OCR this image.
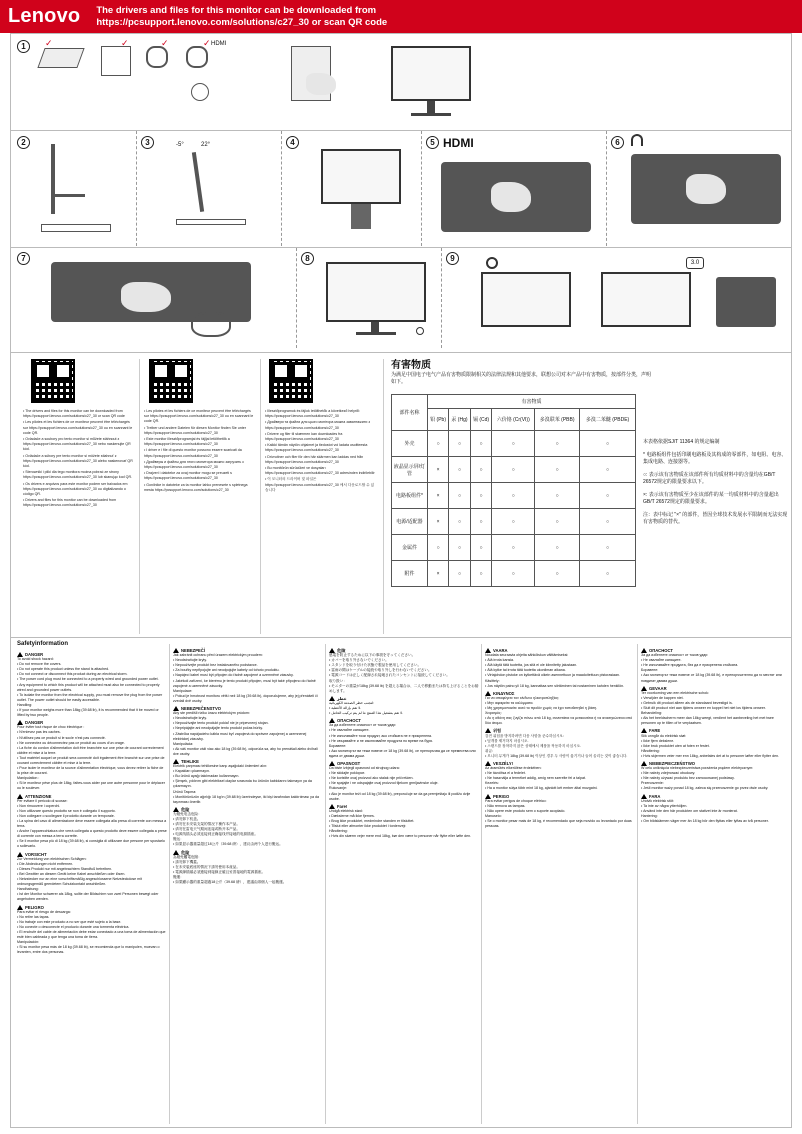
Lenovo The drivers and files for this monitor can be downloaded from
https://pcsupport.lenovo.com/solutions/c27_30 or scan QR code
1	✓	✓	✓	✓ HDMI
2	3	-5°	22°	4	5 HDMI	6
7	8	9	3.0

• The drivers and files for this monitor can be downloaded from https://pcsupport.lenovo.com/solutions/c27_30 or scan QR code

• Les pilotes et les fichiers de ce moniteur peuvent être téléchargés sur https://pcsupport.lenovo.com/solutions/c27_30 ou en scannant le code QR.

• Ovladače a soubory pro tento monitor si můžete stáhnout z https://pcsupport.lenovo.com/solutions/c27_30 nebo naskenujte QR kód.

• Ovládače a súbory pre tento monitor si môžete stiahnuť z https://pcsupport.lenovo.com/solutions/c27_30 alebo naskenovať QR kód.

• Sterowniki i pliki dla tego monitora można pobrać ze strony https://pcsupport.lenovo.com/solutions/c27_30 lub skanując kod QR.

• Os drivers e arquivos para este monitor podem ser baixados em https://pcsupport.lenovo.com/solutions/c27_30 ou digitalizando o código QR.

• Drivers and files for this monitor can be downloaded from https://pcsupport.lenovo.com/solutions/c27_30

• Les pilotes et les fichiers de ce moniteur peuvent être téléchargés sur https://pcsupport.lenovo.com/solutions/c27_30 ou en scannant le code QR.

• Treiber und andere Dateien für diesen Monitor finden Sie unter https://pcsupport.lenovo.com/solutions/c27_30

• Este monitor illesztőprogramjai és fájljai letölthetők a https://pcsupport.lenovo.com/solutions/c27_30

• I driver e i file di questo monitor possono essere scaricati da https://pcsupport.lenovo.com/solutions/c27_30

• Драйверы и файлы для этого монитора можно загрузить с https://pcsupport.lenovo.com/solutions/c27_30

• Drajveri i datoteke za ovaj monitor mogu se preuzeti s https://pcsupport.lenovo.com/solutions/c27_30

• Gonilnike in datoteke za ta monitor lahko prenesete s spletnega mesta https://pcsupport.lenovo.com/solutions/c27_30

• Illesztőprogramok és fájlok letölthetők a következő helyről: https://pcsupport.lenovo.com/solutions/c27_30

• Драйвери та файли для цього монітора можна завантажити з https://pcsupport.lenovo.com/solutions/c27_30

• Drivere og filer til skærmen kan downloades fra https://pcsupport.lenovo.com/solutions/c27_30

• Kaikki tämän näytön ohjaimet ja tiedostot voi ladata osoitteesta https://pcsupport.lenovo.com/solutions/c27_30

• Drivrutiner och filer för den här skärmen kan laddas ned från https://pcsupport.lenovo.com/solutions/c27_30

• Bu monitörün sürücüleri ve dosyaları https://pcsupport.lenovo.com/solutions/c27_30 adresinden indirilebilir

• 이 모니터의 드라이버 및 파일은 https://pcsupport.lenovo.com/solutions/c27_30 에서 다운로드할 수 있습니다

有害物质
为满足中国电子电气产品有害物质限制相关的法律法规和其他要求，联想公司对本产品中有害物质，按部件分类，声明如下。
部件名称	有害物质					
	铅 (Pb)	汞 (Hg)	镉 (Cd)	六价铬 (Cr(VI))	多溴联苯 (PBB)	多溴二苯醚 (PBDE)
外壳	○	○	○	○	○	○
液晶显示屏/灯管	×	○	○	○	○	○
电路板组件*	×	○	○	○	○	○
电源/适配器	×	○	○	○	○	○
金属件	○	○	○	○	○	○
附件	×	○	○	○	○	○

本表格依据SJ/T 11364 的规定编制

* 电路板组件包括印刷电路板及其构成的零部件，如电阻、电容、集成电路、连接器等。

○: 表示该有害物质在该部件所有均质材料中的含量均在GB/T 26572规定的限量要求以下。

×: 表示该有害物质至少在该部件的某一均质材料中的含量超出GB/T 26572规定的限量要求。

注：表中标记 "×" 的部件，皆因全球技术发展水平限制而无法实现有害物质的替代。

Safetyinformation

DANGER

To avoid shock hazard:

• Do not remove the covers.

• Do not operate this product unless the stand is attached.

• Do not connect or disconnect this product during an electrical storm.

• The power cord plug must be connected to a properly wired and grounded power outlet.

• Any equipment to which this product will be attached must also be connected to properly wired and grounded power outlets.

• To isolate the monitor from the electrical supply, you must remove the plug from the power outlet. The power outlet should be easily accessible.

Handling:

• If your monitor weighs more than 18kg (39.68 lb), it is recommended that it be moved or lifted by two people.

DANGER

Pour éviter tout risque de choc électrique :

• N'enlevez pas les caches.

• N'utilisez pas ce produit si le socle n'est pas connecté.

• Ne connectez ou déconnectez pas ce produit au cours d'un orage.

• La fiche du cordon d'alimentation doit être branchée sur une prise de courant correctement câblée et mise à la terre.

• Tout matériel auquel ce produit sera connecté doit également être branché sur une prise de courant correctement câblée et mise à la terre.

• Pour isoler le moniteur de la source d'alimentation électrique, vous devez retirer la fiche de la prise de courant.

Manipulation :

• Si le moniteur pèse plus de 18kg, faites-vous aider par une autre personne pour le déplacer ou le soulever.

ATTENZIONE

Per evitare il pericolo di scosse:

• Non rimuovere i coperchi.

• Non utilizzare questo prodotto se non è collegato il supporto.

• Non collegare o scollegare il prodotto durante un temporale.

• La spina del cavo di alimentazione deve essere collegata alla presa di corrente con messa a terra.

• Anche l'apparecchiatura che verrà collegata a questo prodotto deve essere collegata a prese di corrente con messa a terra corrette.

• Se il monitor pesa più di 18 kg (39.68 lb), si consiglia di utilizzare due persone per spostarlo o sollevarlo.

VORSICHT

Zur Vermeidung von elektrischen Schlägen:

• Die Abdeckungen nicht entfernen.

• Dieses Produkt nur mit angebrachtem Standfuß betreiben.

• Bei Gewitter an diesem Gerät keine Kabel anschließen oder lösen.

• Netzstecker nur an eine vorschriftsmäßig angeschlossene Netzsteckdose mit ordnungsgemäß geerdetem Schutzkontakt anschließen.

Handhabung:

• Ist der Monitor schwerer als 18kg, sollte der Bildschirm von zwei Personen bewegt oder angehoben werden.

PELIGRO

Para evitar el riesgo de descarga:

• No retire las tapas.

• No trabaje con este producto a no ser que esté sujeto a la base.

• No conecte o desconecte el producto durante una tormenta eléctrica.

• El enchufe del cable de alimentación debe estar conectado a una toma de alimentación que esté bien cableada y que tenga una toma de tierra.

Manipulación:

• Si su monitor pesa más de 18 kg (39.68 lb), se recomienda que lo manipulen, muevan o levanten, entre dos personas.

NEBEZPEČÍ

Jak zabránit ochranu před úrazem elektrickým proudem:

• Neodstraňujte kryty.

• Nepoužívejte produkt bez instalovaného podstavce.

• Za bouřky nepřipojujte ani neodpojujte kabely od tohoto produktu.

• Napájecí kabel musí být připojen do řádně zapojené a uzemněné zásuvky.

• Jakékoli zařízení, ke kterému je tento produkt připojen, musí být také připojeno do řádně zapojené a uzemněné zásuvky.

Manipulace:

• Pokud je hmotnost monitoru větší než 18 kg (39.68 lb), doporučujeme, aby jej přenášeli či zvedali dvě osoby.

NEBEZPEČENSTVO

Aby ste predišli riziku úrazu elektrickým prúdom:

• Neodstraňujte kryty.

• Nepoužívajte tento produkt pokiaľ nie je pripevnený stojan.

• Nepripájajte ani neodpájajte tento produkt počas búrky.

• Zástrčka napájacieho kábla musí byť zapojená do správne zapojenej a uzemnenej elektrickej zásuvky.

Manipulácia:

• Ak váš monitor váži viac ako 18 kg (39.68 lb), odporúča sa, aby ho prenášali alebo dvíhali dve osoby.

TEHLIKE

Elektrik çarpması tehlikesine karşı aşağıdaki önlemleri alın:

• Kapakları çıkarmayın.

• Bu ürünü ayağı takılmadan kullanmayın.

• Şimşek, yıldırım gibi elektriksel olaylar sırasında bu ürünün kablolarını takmayın ya da çıkarmayın.

Ürünü Taşıma:

• Monitörünüzün ağırlığı 18 kg'ın (39.68 lb) üzerindeyse, iki kişi tarafından kaldırılması ya da taşınması önerilir.

危险

为避免电击危险：

• 请勿卸下机盖。

• 请勿在未安装支架的情况下操作本产品。

• 请勿在雷电天气期间连接或断开本产品。

• 电源线插头必须连接到正确接线并接地的电源插座。

搬运：

• 如果显示器重量超过18公斤（39.68 磅），建议由两个人进行搬运。

危险

為避免觸電危險：

• 請勿卸下機蓋。

• 在未安裝底座的情況下請勿使用本產品。

• 電源線插頭必須連接到接線正確且妥善接地的電源插座。

搬運：

• 如果顯示器的重量超過18公斤（39.68 磅），建議由兩個人一起搬運。

危険

感電を防止するために以下の事項を守ってください。

• カバーを取り外さないでください。

• スタンドを取り付けた状態で製品を使用してください。

• 雷雨の間はケーブルの接続や取り外しを行わないでください。

• 電源コードは正しく配線され接地されたコンセントに接続してください。

取り扱い：

• モニターの重量が18kg (39.68 lb) を超える場合は、二人で移動または持ち上げることをお勧めします。

خطر

لتجنب خطر الصدمة الكهربائية:

• لا تقم بإزالة الأغطية.

• لا تقم بتشغيل هذا المنتج ما لم يتم تركيب الحامل.

ОПАСНОСТ

За да избегнете опасност от токов удар:

• Не сваляйте капаците.

• Не използвайте този продукт, ако стойката не е прикрепена.

• Не свързвайте и не изключвайте продукта по време на буря.

Боравене:

• Ако мониторът ви тежи повече от 18 kg (39.68 lb), се препоръчва да се премества или вдига от двама души.

OPASNOST

Da biste izbjegli opasnost od strujnog udara:

• Ne skidajte poklopce.

• Ne koristite ovaj proizvod ako stalak nije pričvršćen.

• Ne spajajte i ne odspajajte ovaj proizvod tijekom grmljavinske oluje.

Rukovanje:

• Ako je monitor teži od 18 kg (39.68 lb), preporučuje se da ga premještaju ili podižu dvije osobe.

Fare!

Undgå elektrisk stød:

• Dækslerne må ikke fjernes.

• Brug ikke produktet, medmindre standen er tilsluttet.

• Tilslut eller afmonter ikke produktet i tordenvejr.

Håndtering:

• Hvis din skærm vejer mere end 18kg, bør den være to personer når flytte eller løfte den.

VAARA

Noudata seuraavia ohjeita sähköiskun välttämiseksi:

• Älä irrota kansia.

• Älä käytä tätä tuotetta, jos sitä ei ole kiinnitetty jalustaan.

• Älä kytke tai irrota tätä tuotetta ukonilman aikana.

• Virtajohdon pistoke on kytkettävä oikein asennettuun ja maadoitettuun pistorasiaan.

Käsittely:

• Jos näytön paino yli 18 kg, kannattaa sen siirtäminen tai nostaminen kahden henkilön.

ΚΙΝΔΥΝΟΣ

Για να αποφύγετε τον κίνδυνο ηλεκτροπληξίας:

• Μην αφαιρείτε τα καλύμματα.

• Μη χρησιμοποιείτε αυτό το προϊόν χωρίς να έχει τοποθετηθεί η βάση.

Χειρισμός:

• Αν η οθόνη σας ζυγίζει πάνω από 18 kg, συνιστάται να μετακινείται ή να ανασηκώνεται από δύο άτομα.

위험

감전 위험을 방지하려면 다음 사항을 준수하십시오:

• 덮개를 제거하지 마십시오.

• 스탠드를 장착하지 않은 상태에서 제품을 작동하지 마십시오.

취급:

• 모니터 무게가 18kg (39.68 lb) 이상인 경우 두 사람이 옮기거나 들어 올리는 것이 좋습니다.

VESZÉLY!

Az áramütés elkerülése érdekében:

• Ne távolítsa el a fedelet.

• Ne használja a terméket addig, amíg nem szerelte fel a talpat.

Kezelés:

• Ha a monitor súlya több mint 18 kg, ajánlott két ember által mozgatni.

PERIGO

Para evitar perigos de choque elétrico:

• Não remova as tampas.

• Não opere este produto sem o suporte acoplado.

Manuseio:

• Se o monitor pesar mais de 18 kg, é recomendado que seja movido ou levantado por duas pessoas.

ОПАСНОСТ

За да избегнете опасност от токов удар:

• Не сваляйте капаците.

• Не използвайте продукта, без да е прикрепена стойката.

Боравене:

• Ако мониторът тежи повече от 18 kg (39.68 lb), е препоръчително да го местят или повдигат двама души.

GEVAAR

Ter voorkoming van een elektrische schok:

• Verwijder de kappen niet.

• Gebruik dit product alleen als de standaard bevestigd is.

• Sluit dit product niet aan tijdens onweer en koppel het niet los tijdens onweer.

Behandeling:

• Als het beeldscherm meer dan 18kg weegt, verdient het aanbeveling het met twee personen op te tillen of te verplaatsen.

FARE

Slik unngår du elektrisk støt:

• Ikke fjern dekslene.

• Ikke bruk produktet uten at foten er festet.

Håndtering:

• Hvis skjermen veier mer enn 18kg, anbefales det at to personer løfter eller flytter den.

NIEBEZPIECZEŃSTWO

W celu uniknięcia niebezpieczeństwa porażenia prądem elektrycznym:

• Nie należy zdejmować obudowy.

• Nie należy używać produktu bez zamocowanej podstawy.

Przenoszenie:

• Jeśli monitor waży ponad 18 kg, zaleca się przenoszenie go przez dwie osoby.

FARA

Undvik elektrisk stöt:

• Ta inte av några ytterhöljen.

• Använd inte den här produkten om stativet inte är monterat.

Hantering:

• Om bildskärmen väger mer än 18 kg bör den flyttas eller lyftas av två personer.
